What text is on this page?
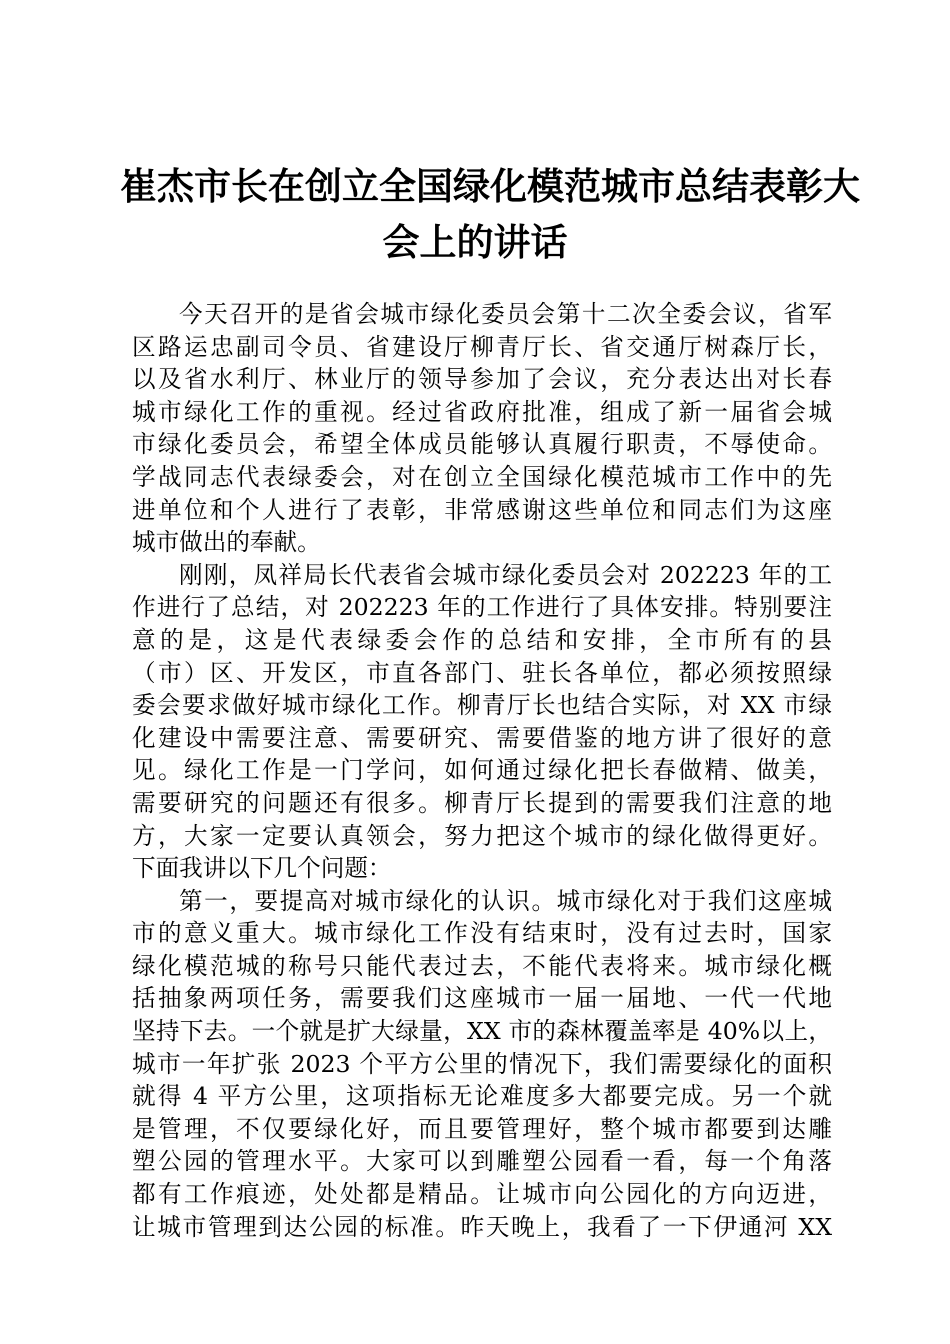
崔杰市长在创立全国绿化模范城市总结表彰大
会上的讲话
今天召开的是省会城市绿化委员会第十二次全委会议，省军
区路运忠副司令员、省建设厅柳青厅长、省交通厅树森厅长，
以及省水利厅、林业厅的领导参加了会议，充分表达出对长春
城市绿化工作的重视。经过省政府批准，组成了新一届省会城
市绿化委员会，希望全体成员能够认真履行职责，不辱使命。
学战同志代表绿委会，对在创立全国绿化模范城市工作中的先
进单位和个人进行了表彰，非常感谢这些单位和同志们为这座
城市做出的奉献。
刚刚，凤祥局长代表省会城市绿化委员会对 202223 年的工
作进行了总结，对 202223 年的工作进行了具体安排。特别要注
意的是，这是代表绿委会作的总结和安排，全市所有的县
（市）区、开发区，市直各部门、驻长各单位，都必须按照绿
委会要求做好城市绿化工作。柳青厅长也结合实际，对 XX 市绿
化建设中需要注意、需要研究、需要借鉴的地方讲了很好的意
见。绿化工作是一门学问，如何通过绿化把长春做精、做美，
需要研究的问题还有很多。柳青厅长提到的需要我们注意的地
方，大家一定要认真领会，努力把这个城市的绿化做得更好。
下面我讲以下几个问题：
第一，要提高对城市绿化的认识。城市绿化对于我们这座城
市的意义重大。城市绿化工作没有结束时，没有过去时，国家
绿化模范城的称号只能代表过去，不能代表将来。城市绿化概
括抽象两项任务，需要我们这座城市一届一届地、一代一代地
坚持下去。一个就是扩大绿量，XX 市的森林覆盖率是 40%以上，
城市一年扩张 2023 个平方公里的情况下，我们需要绿化的面积
就得 4 平方公里，这项指标无论难度多大都要完成。另一个就
是管理，不仅要绿化好，而且要管理好，整个城市都要到达雕
塑公园的管理水平。大家可以到雕塑公园看一看，每一个角落
都有工作痕迹，处处都是精品。让城市向公园化的方向迈进，
让城市管理到达公园的标准。昨天晚上，我看了一下伊通河 XX
